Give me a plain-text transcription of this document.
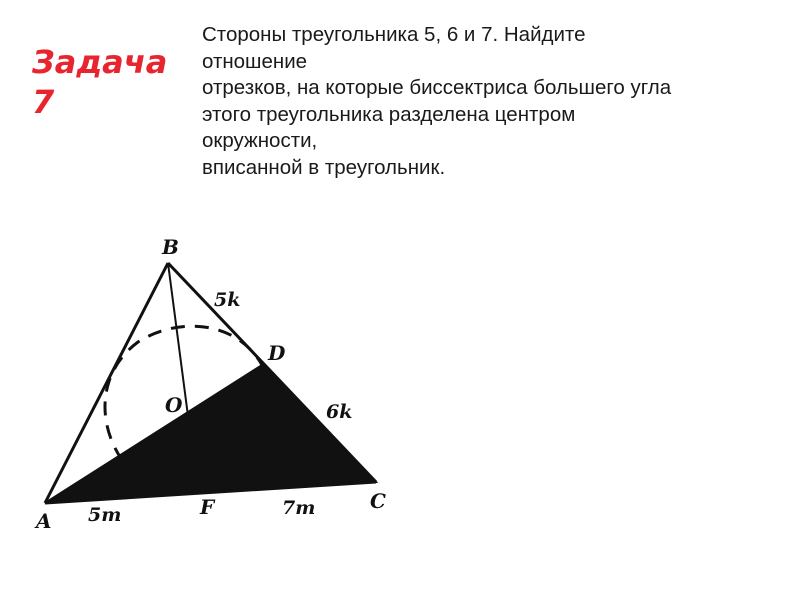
Задача 7
Стороны треугольника 5, 6 и 7. Найдите
отношение
отрезков, на которые биссектриса большего угла
этого треугольника разделена центром
окружности,
вписанной в треугольник.
B
D
O
A
F	C
5k
6k
5m	7m
